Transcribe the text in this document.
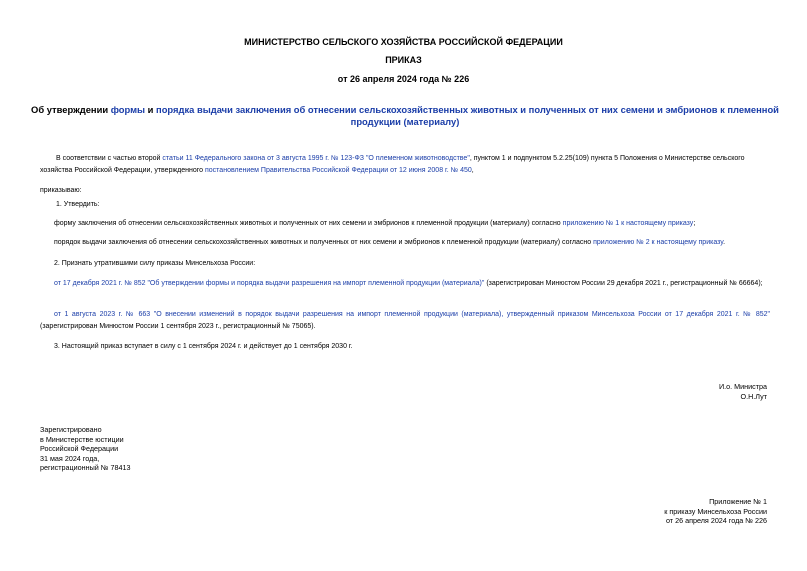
МИНИСТЕРСТВО СЕЛЬСКОГО ХОЗЯЙСТВА РОССИЙСКОЙ ФЕДЕРАЦИИ
ПРИКАЗ
от 26 апреля 2024 года № 226
Об утверждении формы и порядка выдачи заключения об отнесении сельскохозяйственных животных и полученных от них семени и эмбрионов к племенной продукции (материалу)
В соответствии с частью второй статьи 11 Федерального закона от 3 августа 1995 г. № 123-ФЗ "О племенном животноводстве", пунктом 1 и подпунктом 5.2.25(109) пункта 5 Положения о Министерстве сельского хозяйства Российской Федерации, утвержденного постановлением Правительства Российской Федерации от 12 июня 2008 г. № 450,
приказываю:
1. Утвердить:
форму заключения об отнесении сельскохозяйственных животных и полученных от них семени и эмбрионов к племенной продукции (материалу) согласно приложению № 1 к настоящему приказу;
порядок выдачи заключения об отнесении сельскохозяйственных животных и полученных от них семени и эмбрионов к племенной продукции (материалу) согласно приложению № 2 к настоящему приказу.
2. Признать утратившими силу приказы Минсельхоза России:
от 17 декабря 2021 г. № 852 "Об утверждении формы и порядка выдачи разрешения на импорт племенной продукции (материала)" (зарегистрирован Минюстом России 29 декабря 2021 г., регистрационный № 66664);
от 1 августа 2023 г. № 663 "О внесении изменений в порядок выдачи разрешения на импорт племенной продукции (материала), утвержденный приказом Минсельхоза России от 17 декабря 2021 г. № 852" (зарегистрирован Минюстом России 1 сентября 2023 г., регистрационный № 75065).
3. Настоящий приказ вступает в силу с 1 сентября 2024 г. и действует до 1 сентября 2030 г.
И.о. Министра
О.Н.Лут
Зарегистрировано
в Министерстве юстиции
Российской Федерации
31 мая 2024 года,
регистрационный № 78413
Приложение № 1
к приказу Минсельхоза России
от 26 апреля 2024 года № 226
